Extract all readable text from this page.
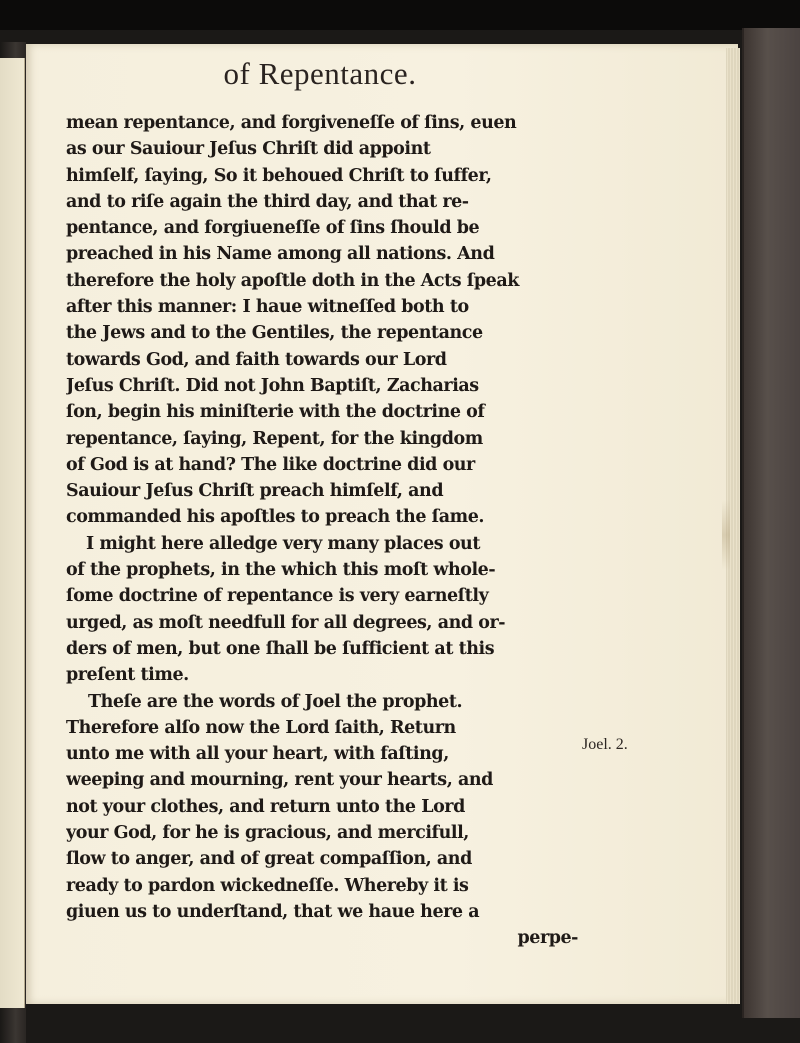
of Repentance.
mean repentance, and forgiveneſſe of ſins, euen
as our Sauiour Jeſus Chriſt did appoint
himſelf, ſaying, So it behoued Chriſt to ſuffer,
and to riſe again the third day, and that re-
pentance, and forgiueneſſe of ſins ſhould be
preached in his Name among all nations. And
therefore the holy apoſtle doth in the Acts ſpeak
after this manner: I haue witneſſed both to
the Jews and to the Gentiles, the repentance
towards God, and faith towards our Lord
Jeſus Chriſt. Did not John Baptiſt, Zacharias
ſon, begin his miniſterie with the doctrine of
repentance, ſaying, Repent, for the kingdom
of God is at hand? The like doctrine did our
Sauiour Jeſus Chriſt preach himſelf, and
commanded his apoſtles to preach the ſame.
I might here alledge very many places out
of the prophets, in the which this moſt whole-
ſome doctrine of repentance is very earneſtly
urged, as moſt needfull for all degrees, and or-
ders of men, but one ſhall be ſufficient at this
preſent time.
Theſe are the words of Joel the prophet.
Therefore alſo now the Lord ſaith, Return
unto me with all your heart, with faſting,
weeping and mourning, rent your hearts, and
not your clothes, and return unto the Lord
your God, for he is gracious, and mercifull,
ſlow to anger, and of great compaſſion, and
ready to pardon wickedneſſe. Whereby it is
giuen us to underſtand, that we haue here a
perpe-
Joel. 2.
